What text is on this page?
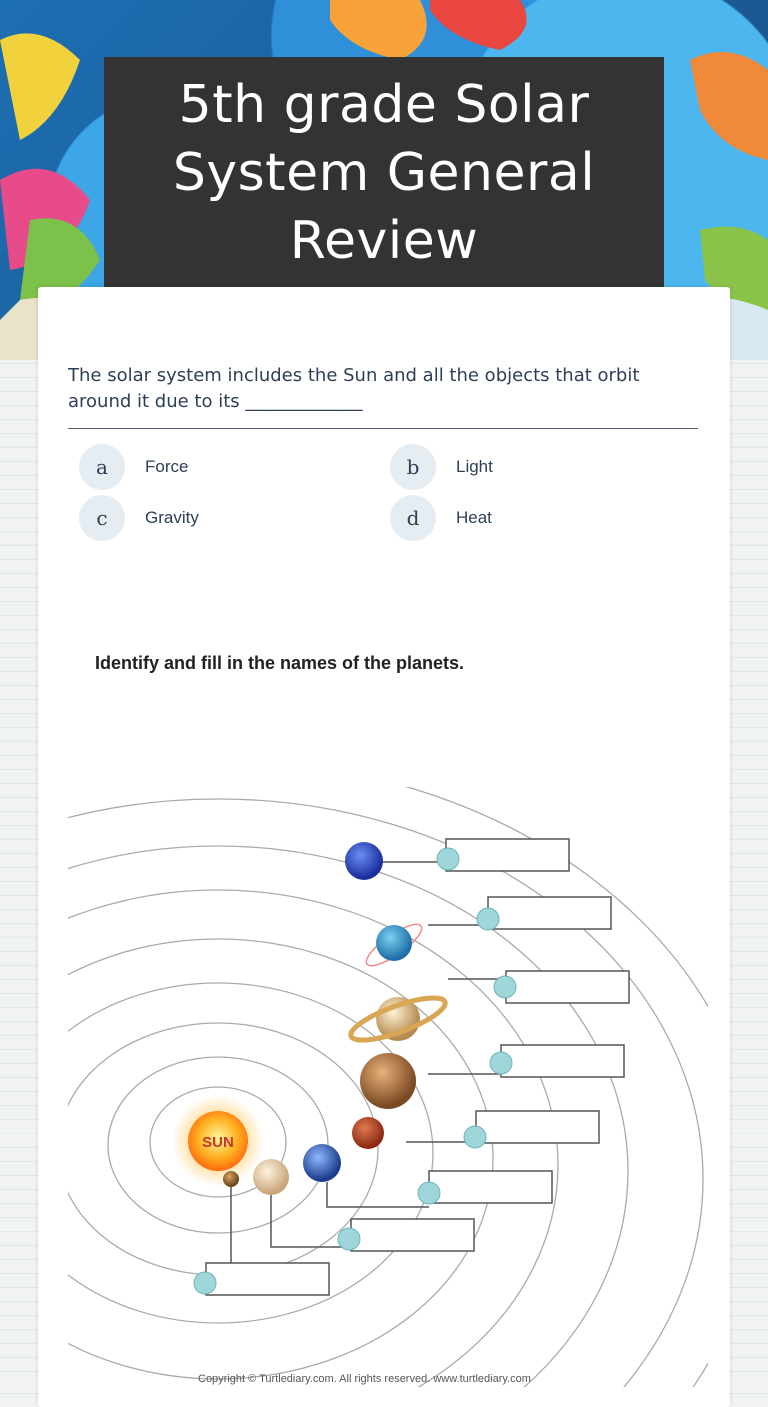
5th grade Solar System General Review
The solar system includes the Sun and all the objects that orbit around it due to its _____________
a	Force	b	Light
c	Gravity	d	Heat
Identify and fill in the names of the planets.
SUN
Copyright © Turtlediary.com. All rights reserved. www.turtlediary.com
